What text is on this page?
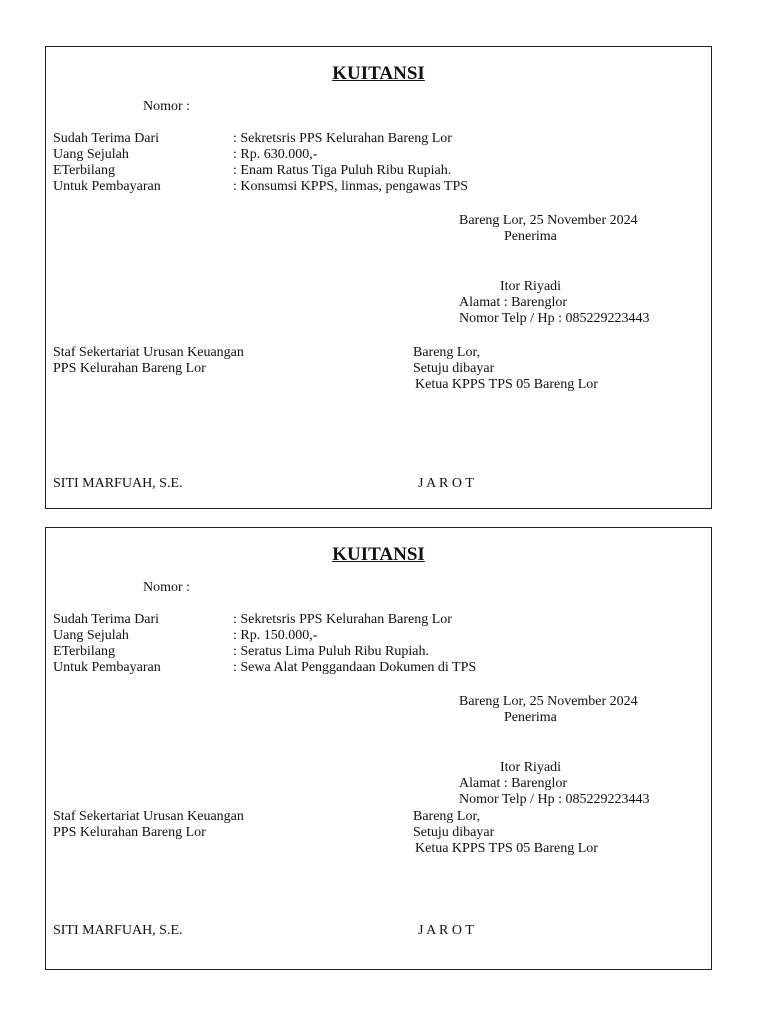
KUITANSI
Nomor :
Sudah Terima Dari	: Sekretsris PPS Kelurahan Bareng Lor
Uang Sejulah	: Rp. 630.000,-
ETerbilang	: Enam Ratus Tiga Puluh Ribu Rupiah.
Untuk Pembayaran	: Konsumsi KPPS, linmas, pengawas TPS
Bareng Lor, 25 November 2024
Penerima
Itor Riyadi
Alamat : Barenglor
Nomor Telp / Hp : 085229223443
Staf Sekertariat Urusan Keuangan
PPS Kelurahan Bareng Lor
Bareng Lor,
Setuju dibayar
Ketua KPPS TPS 05 Bareng Lor
SITI MARFUAH, S.E.	J A R O T
KUITANSI
Nomor :
Sudah Terima Dari	: Sekretsris PPS Kelurahan Bareng Lor
Uang Sejulah	: Rp. 150.000,-
ETerbilang	: Seratus Lima Puluh Ribu Rupiah.
Untuk Pembayaran	: Sewa Alat Penggandaan Dokumen di TPS
Bareng Lor, 25 November 2024
Penerima
Itor Riyadi
Alamat : Barenglor
Nomor Telp / Hp : 085229223443
Staf Sekertariat Urusan Keuangan
PPS Kelurahan Bareng Lor
Bareng Lor,
Setuju dibayar
Ketua KPPS TPS 05 Bareng Lor
SITI MARFUAH, S.E.	J A R O T
